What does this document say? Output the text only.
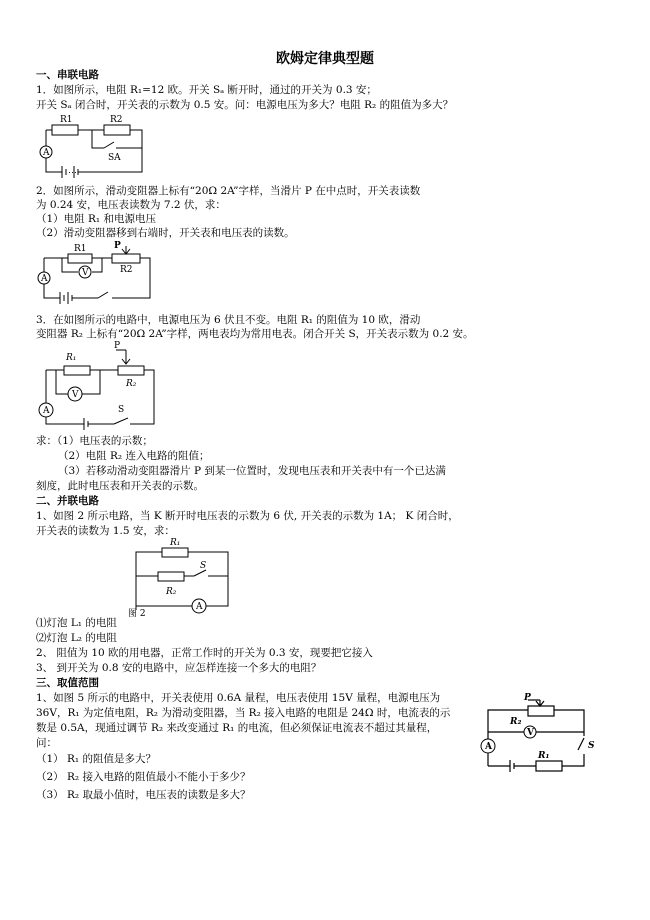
欧姆定律典型题
一、串联电路
1．如图所示，电阻 R₁=12 欧。开关 Sₐ 断开时，通过的开关为 0.3 安；
开关 Sₐ 闭合时，开关表的示数为 0.5 安。问：电源电压为多大？电阻 R₂ 的阻值为多大？
A
R1	R2
SA
⋯
2．如图所示，滑动变阻器上标有“20Ω 2A”字样，当滑片 P 在中点时，开关表读数
为 0.24 安，电压表读数为 7.2 伏，求：
（1）电阻 R₁ 和电源电压
（2）滑动变阻器移到右端时，开关表和电压表的读数。
A
V
R1
R2
P
3．在如图所示的电路中，电源电压为 6 伏且不变。电阻 R₁ 的阻值为 10 欧，滑动
变阻器 R₂ 上标有“20Ω 2A”字样，两电表均为常用电表。闭合开关 S，开关表示数为 0.2 安。
A
V
R₁
R₂
P
S
求：（1）电压表的示数；
（2）电阻 R₂ 连入电路的阻值；
（3）若移动滑动变阻器滑片 P 到某一位置时，发现电压表和开关表中有一个已达满
刻度，此时电压表和开关表的示数。
二、并联电路
1、如图 2 所示电路，当 K 断开时电压表的示数为 6 伏, 开关表的示数为 1A； K 闭合时，
开关表的读数为 1.5 安，求：
A
R₁
R₂
S
图 2
⑴灯泡 L₁ 的电阻
⑵灯泡 L₂ 的电阻
2、 阻值为 10 欧的用电器，正常工作时的开关为 0.3 安，现要把它接入
3、 到开关为 0.8 安的电路中，应怎样连接一个多大的电阻？
三、取值范围
1、如图 5 所示的电路中，开关表使用 0.6A 量程，电压表使用 15V 量程，电源电压为
36V，R₁ 为定值电阻，R₂ 为滑动变阻器，当 R₂ 接入电路的电阻是 24Ω 时，电流表的示
数是 0.5A，现通过调节 R₂ 来改变通过 R₁ 的电流，但必须保证电流表不超过其量程，
问：
（1） R₁ 的阻值是多大？
（2） R₂ 接入电路的阻值最小不能小于多少？
（3） R₂ 取最小值时，电压表的读数是多大？
V
A
P
R₂
R₁
S
